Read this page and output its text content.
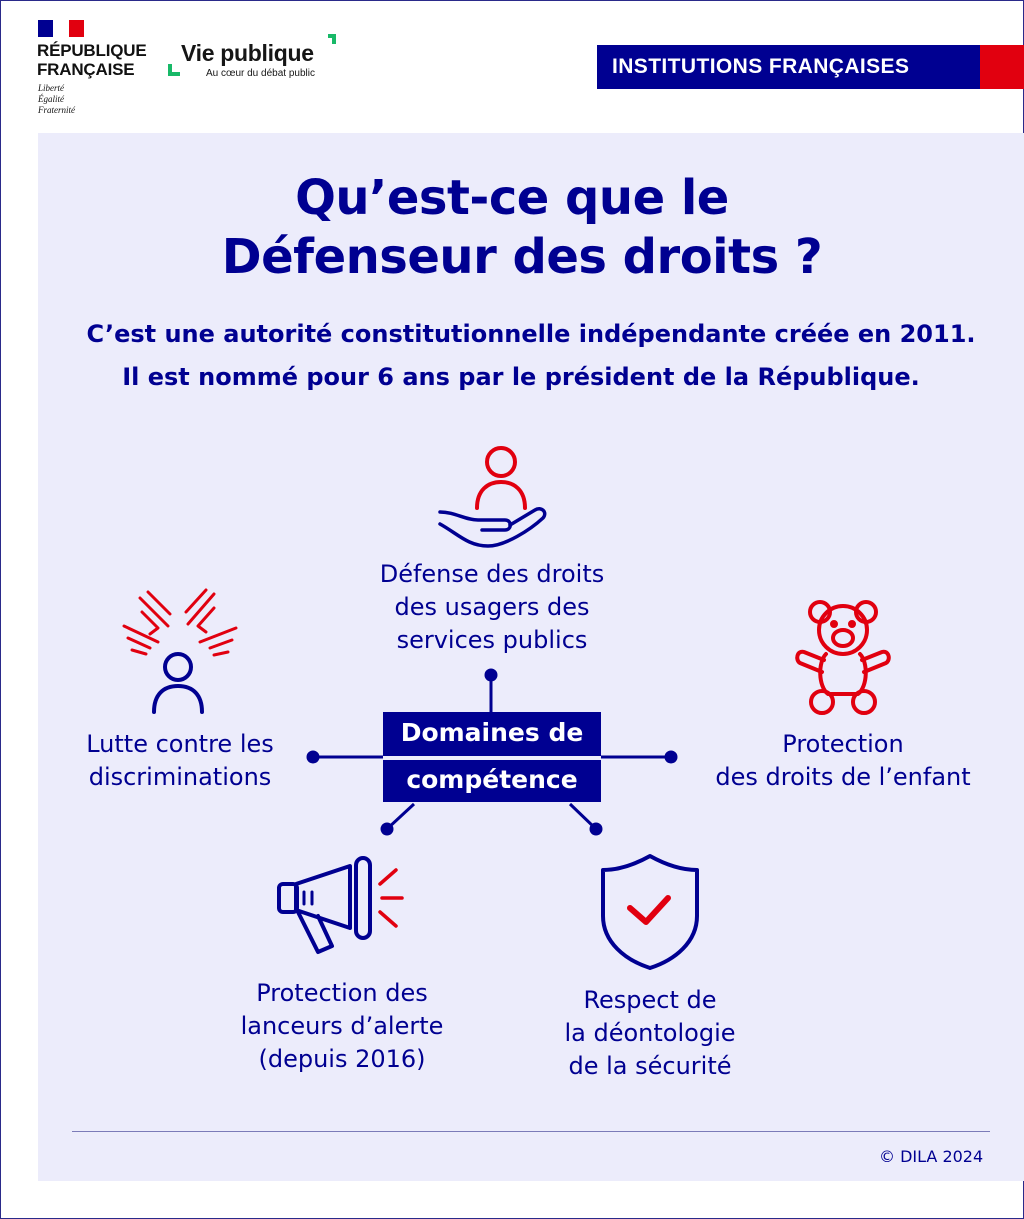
RÉPUBLIQUE
FRANÇAISE
Liberté
Égalité
Fraternité
Vie publique
Au cœur du débat public	INSTITUTIONS FRANÇAISES
Qu’est-ce que le
Défenseur des droits ?
C’est une autorité constitutionnelle indépendante créée en 2011.
Il est nommé pour 6 ans par le président de la République.
Domaines de
compétence
Défense des droits
des usagers des
services publics
Lutte contre les
discriminations
Protection
des droits de l’enfant
Protection des
lanceurs d’alerte
(depuis 2016)
Respect de
la déontologie
de la sécurité
© DILA 2024
